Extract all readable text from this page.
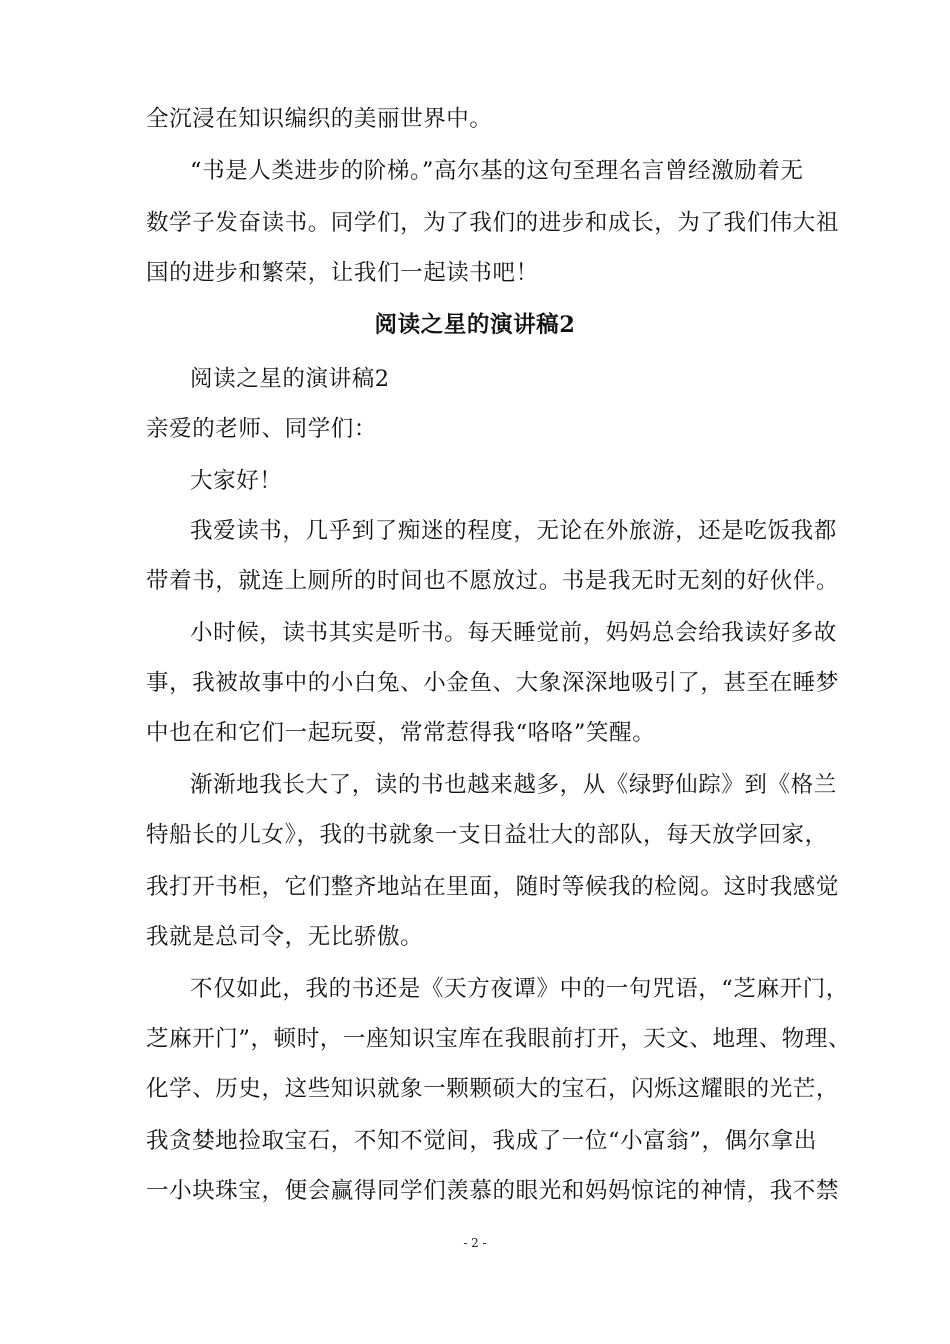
全沉浸在知识编织的美丽世界中。
“书是人类进步的阶梯。”高尔基的这句至理名言曾经激励着无
数学子发奋读书。同学们，为了我们的进步和成长，为了我们伟大祖
国的进步和繁荣，让我们一起读书吧！
阅读之星的演讲稿2
阅读之星的演讲稿2
亲爱的老师、同学们：
大家好！
我爱读书，几乎到了痴迷的程度，无论在外旅游，还是吃饭我都
带着书，就连上厕所的时间也不愿放过。书是我无时无刻的好伙伴。
小时候，读书其实是听书。每天睡觉前，妈妈总会给我读好多故
事，我被故事中的小白兔、小金鱼、大象深深地吸引了，甚至在睡梦
中也在和它们一起玩耍，常常惹得我“咯咯”笑醒。
渐渐地我长大了，读的书也越来越多，从《绿野仙踪》到《格兰
特船长的儿女》，我的书就象一支日益壮大的部队，每天放学回家，
我打开书柜，它们整齐地站在里面，随时等候我的检阅。这时我感觉
我就是总司令，无比骄傲。
不仅如此，我的书还是《天方夜谭》中的一句咒语，“芝麻开门，
芝麻开门”，顿时，一座知识宝库在我眼前打开，天文、地理、物理、
化学、历史，这些知识就象一颗颗硕大的宝石，闪烁这耀眼的光芒，
我贪婪地捡取宝石，不知不觉间，我成了一位“小富翁”，偶尔拿出
一小块珠宝，便会赢得同学们羡慕的眼光和妈妈惊诧的神情，我不禁
- 2 -
